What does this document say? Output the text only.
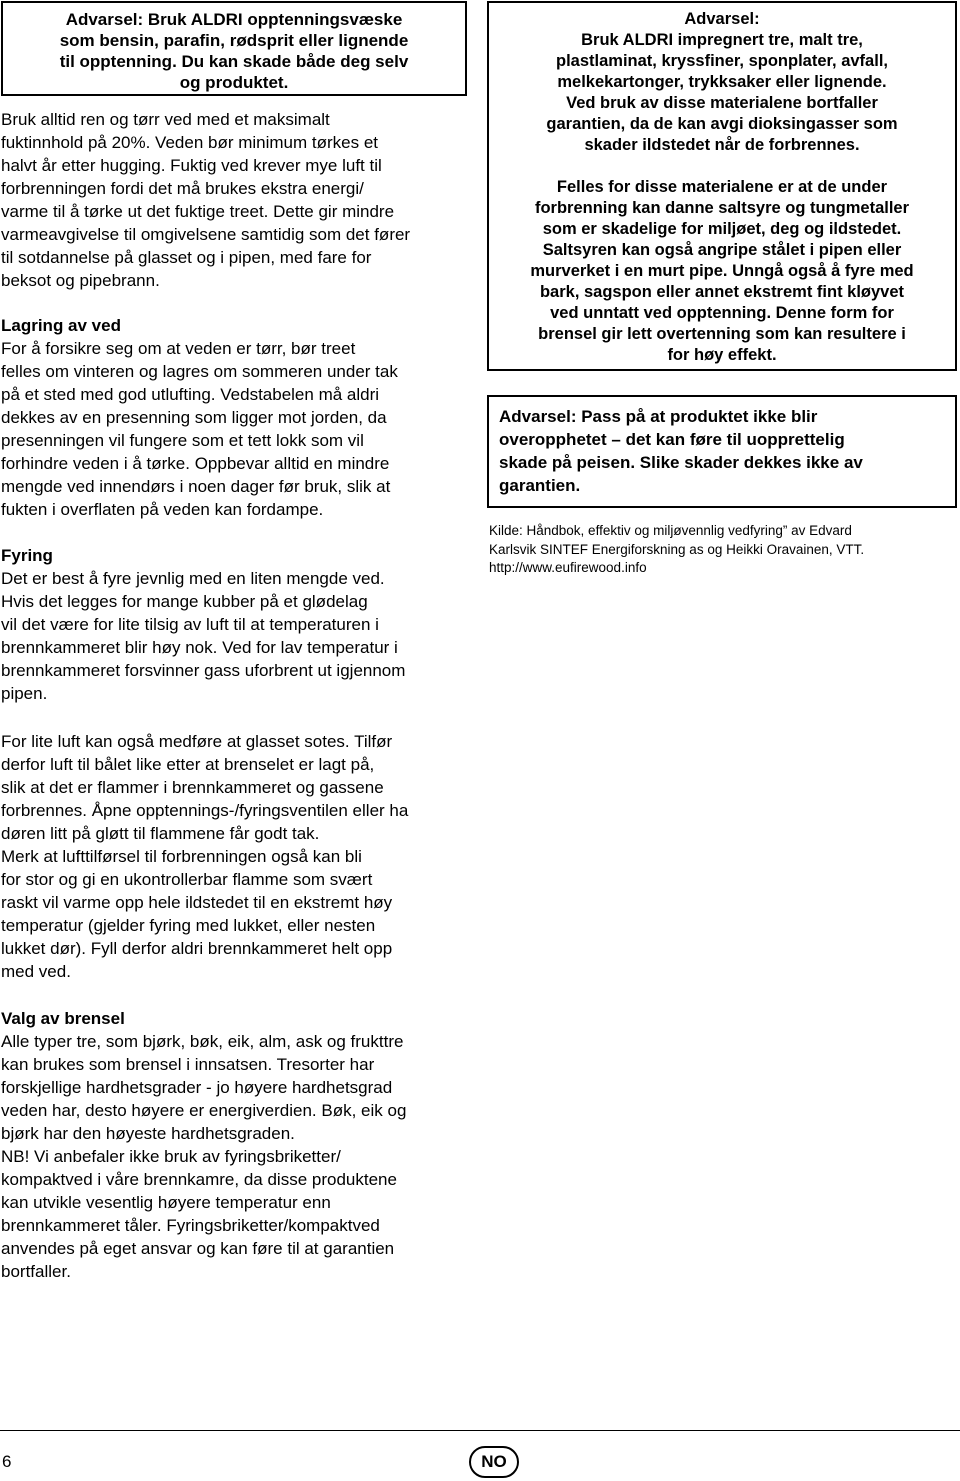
Advarsel: Bruk ALDRI opptenningsvæske
som bensin, parafin, rødsprit eller lignende
til opptenning. Du kan skade både deg selv
og produktet.
Bruk alltid ren og tørr ved med et maksimalt
fuktinnhold på 20%. Veden bør minimum tørkes et
halvt år etter hugging. Fuktig ved krever mye luft til
forbrenningen fordi det må brukes ekstra energi/
varme til å tørke ut det fuktige treet. Dette gir mindre
varmeavgivelse til omgivelsene samtidig som det fører
til sotdannelse på glasset og i pipen, med fare for
beksot og pipebrann.
Lagring av ved
For å forsikre seg om at veden er tørr, bør treet
felles om vinteren og lagres om sommeren under tak
på et sted med god utlufting. Vedstabelen må aldri
dekkes av en presenning som ligger mot jorden, da
presenningen vil fungere som et tett lokk som vil
forhindre veden i å tørke. Oppbevar alltid en mindre
mengde ved innendørs i noen dager før bruk, slik at
fukten i overflaten på veden kan fordampe.
Fyring
Det er best å fyre jevnlig med en liten mengde ved.
Hvis det legges for mange kubber på et glødelag
vil det være for lite tilsig av luft til at temperaturen i
brennkammeret blir høy nok. Ved for lav temperatur i
brennkammeret forsvinner gass uforbrent ut igjennom
pipen.
For lite luft kan også medføre at glasset sotes. Tilfør
derfor luft til bålet like etter at brenselet er lagt på,
slik at det er flammer i brennkammeret og gassene
forbrennes. Åpne opptennings-/fyringsventilen eller ha
døren litt på gløtt til flammene får godt tak.
Merk at lufttilførsel til forbrenningen også kan bli
for stor og gi en ukontrollerbar flamme som svært
raskt vil varme opp hele ildstedet til en ekstremt høy
temperatur (gjelder fyring med lukket, eller nesten
lukket dør). Fyll derfor aldri brennkammeret helt opp
med ved.
Valg av brensel
Alle typer tre, som bjørk, bøk, eik, alm, ask og frukttre
kan brukes som brensel i innsatsen. Tresorter har
forskjellige hardhetsgrader - jo høyere hardhetsgrad
veden har, desto høyere er energiverdien. Bøk, eik og
bjørk har den høyeste hardhetsgraden.
NB! Vi anbefaler ikke bruk av fyringsbriketter/
kompaktved i våre brennkamre, da disse produktene
kan utvikle vesentlig høyere temperatur enn
brennkammeret tåler. Fyringsbriketter/kompaktved
anvendes på eget ansvar og kan føre til at garantien
bortfaller.
Advarsel:
Bruk ALDRI impregnert tre, malt tre,
plastlaminat, kryssfiner, sponplater, avfall,
melkekartonger, trykksaker eller lignende.
Ved bruk av disse materialene bortfaller
garantien, da de kan avgi dioksingasser som
skader ildstedet når de forbrennes.
Felles for disse materialene er at de under
forbrenning kan danne saltsyre og tungmetaller
som er skadelige for miljøet, deg og ildstedet.
Saltsyren kan også angripe stålet i pipen eller
murverket i en murt pipe. Unngå også å fyre med
bark, sagspon eller annet ekstremt fint kløyvet
ved unntatt ved opptenning. Denne form for
brensel gir lett overtenning som kan resultere i
for høy effekt.
Advarsel: Pass på at produktet ikke blir
overopphetet – det kan føre til uopprettelig
skade på peisen. Slike skader dekkes ikke av
garantien.
Kilde: Håndbok, effektiv og miljøvennlig vedfyring” av Edvard
Karlsvik SINTEF Energiforskning as og Heikki Oravainen, VTT.
http://www.eufirewood.info
6	NO
